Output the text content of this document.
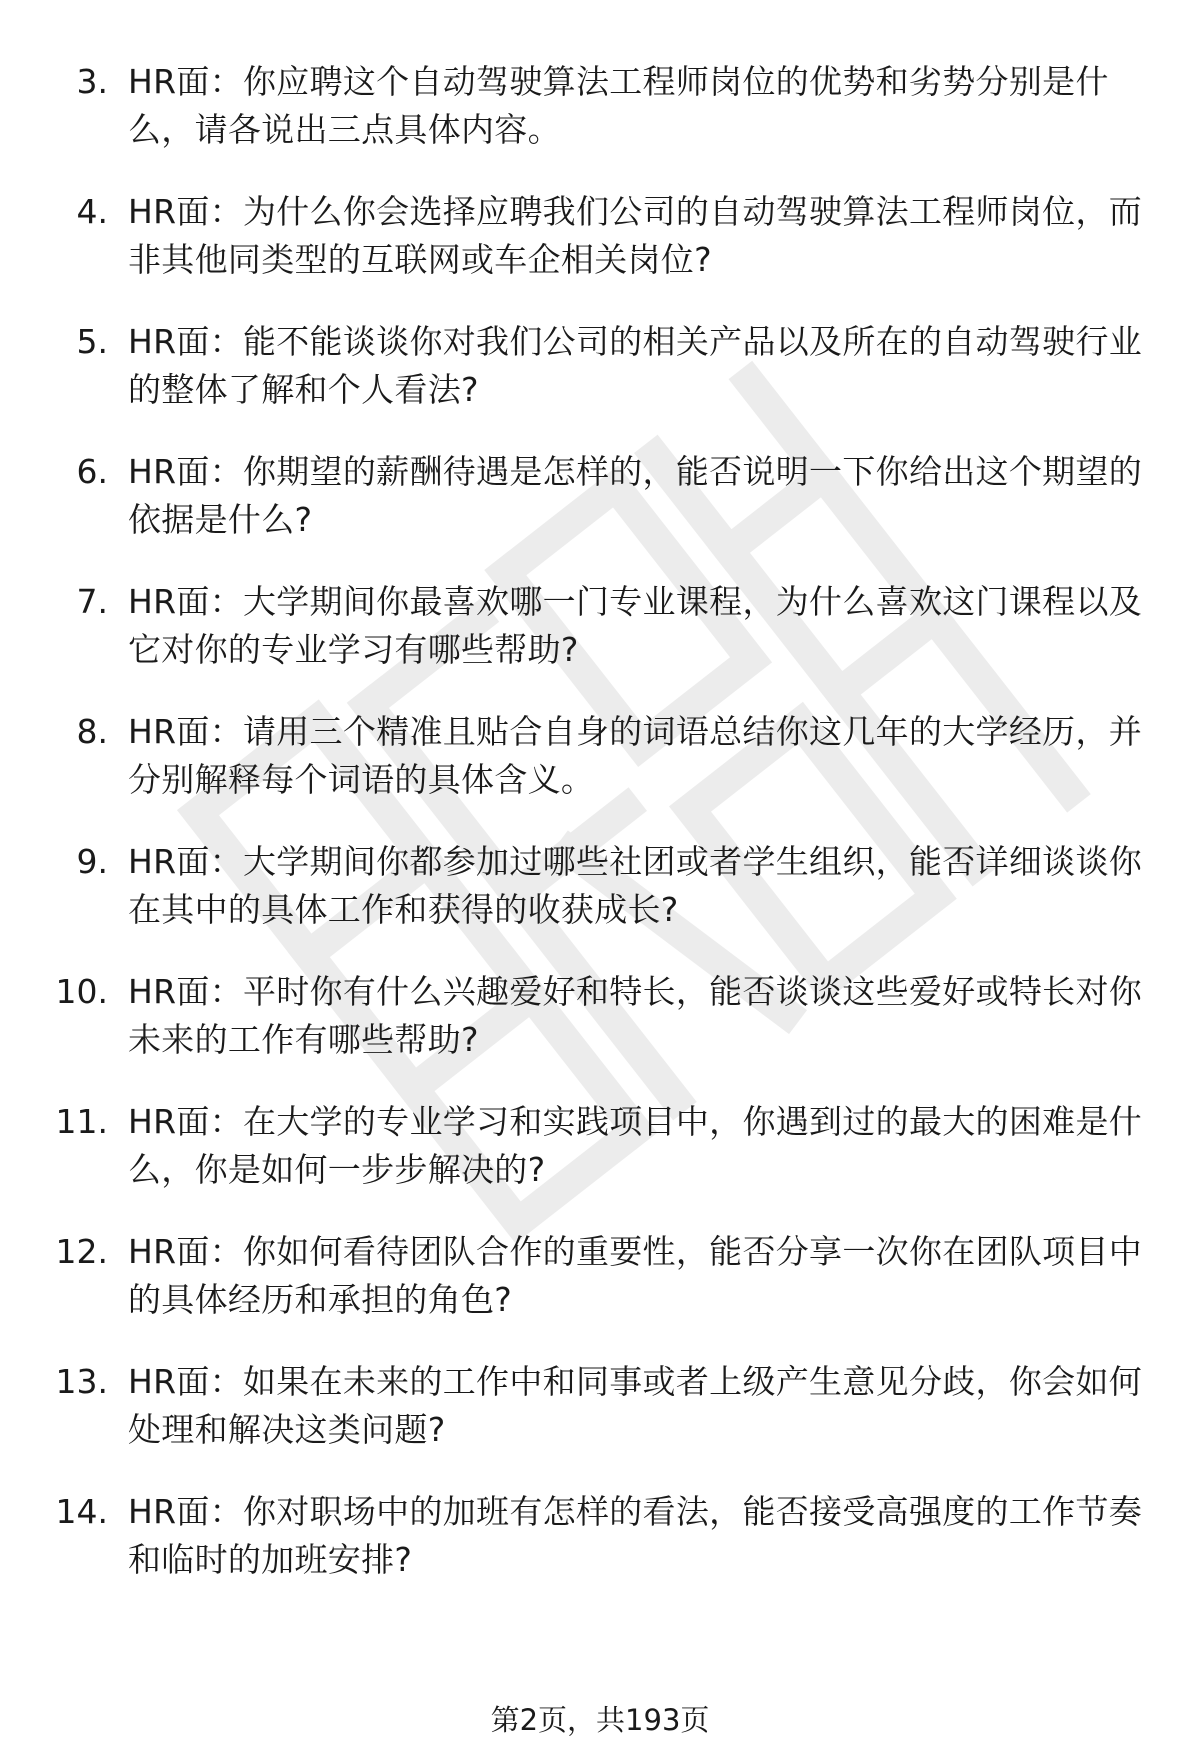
3. HR面：你应聘这个自动驾驶算法工程师岗位的优势和劣势分别是什么，请各说出三点具体内容。
4. HR面：为什么你会选择应聘我们公司的自动驾驶算法工程师岗位，而非其他同类型的互联网或车企相关岗位?
5. HR面：能不能谈谈你对我们公司的相关产品以及所在的自动驾驶行业的整体了解和个人看法?
6. HR面：你期望的薪酬待遇是怎样的，能否说明一下你给出这个期望的依据是什么?
7. HR面：大学期间你最喜欢哪一门专业课程，为什么喜欢这门课程以及它对你的专业学习有哪些帮助?
8. HR面：请用三个精准且贴合自身的词语总结你这几年的大学经历，并分别解释每个词语的具体含义。
9. HR面：大学期间你都参加过哪些社团或者学生组织，能否详细谈谈你在其中的具体工作和获得的收获成长?
10. HR面：平时你有什么兴趣爱好和特长，能否谈谈这些爱好或特长对你未来的工作有哪些帮助?
11. HR面：在大学的专业学习和实践项目中，你遇到过的最大的困难是什么，你是如何一步步解决的?
12. HR面：你如何看待团队合作的重要性，能否分享一次你在团队项目中的具体经历和承担的角色?
13. HR面：如果在未来的工作中和同事或者上级产生意见分歧，你会如何处理和解决这类问题?
14. HR面：你对职场中的加班有怎样的看法，能否接受高强度的工作节奏和临时的加班安排?
第2页，共193页
